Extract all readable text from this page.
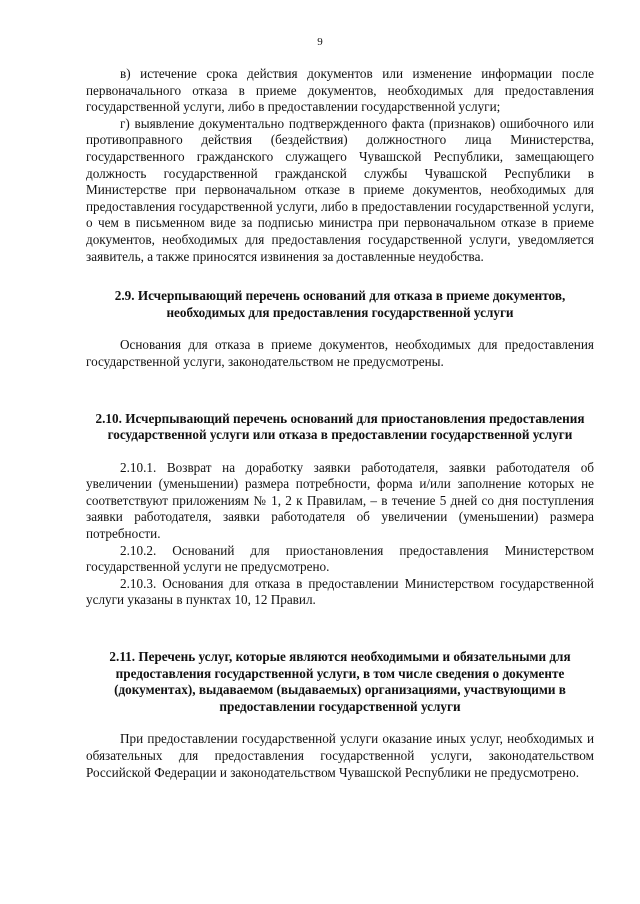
9

в) истечение срока действия документов или изменение информации после первоначального отказа в приеме документов, необходимых для предоставления государственной услуги, либо в предоставлении государственной услуги;

г) выявление документально подтвержденного факта (признаков) ошибочного или противоправного действия (бездействия) должностного лица Министерства, государственного гражданского служащего Чувашской Республики, замещающего должность государственной гражданской службы Чувашской Республики в Министерстве при первоначальном отказе в приеме документов, необходимых для предоставления государственной услуги, либо в предоставлении государственной услуги, о чем в письменном виде за подписью министра при первоначальном отказе в приеме документов, необходимых для предоставления государственной услуги, уведомляется заявитель, а также приносятся извинения за доставленные неудобства.

2.9. Исчерпывающий перечень оснований для отказа в приеме документов, необходимых для предоставления государственной услуги

Основания для отказа в приеме документов, необходимых для предоставления государственной услуги, законодательством не предусмотрены.

2.10. Исчерпывающий перечень оснований для приостановления предоставления государственной услуги или отказа в предоставлении государственной услуги

2.10.1. Возврат на доработку заявки работодателя, заявки работодателя об увеличении (уменьшении) размера потребности, форма и/или заполнение которых не соответствуют приложениям № 1, 2 к Правилам, – в течение 5 дней со дня поступления заявки работодателя, заявки работодателя об увеличении (уменьшении) размера потребности.

2.10.2. Оснований для приостановления предоставления Министерством государственной услуги не предусмотрено.

2.10.3. Основания для отказа в предоставлении Министерством государственной услуги указаны в пунктах 10, 12 Правил.

2.11. Перечень услуг, которые являются необходимыми и обязательными для предоставления государственной услуги, в том числе сведения о документе (документах), выдаваемом (выдаваемых) организациями, участвующими в предоставлении государственной услуги

При предоставлении государственной услуги оказание иных услуг, необходимых и обязательных для предоставления государственной услуги, законодательством Российской Федерации и законодательством Чувашской Республики не предусмотрено.
